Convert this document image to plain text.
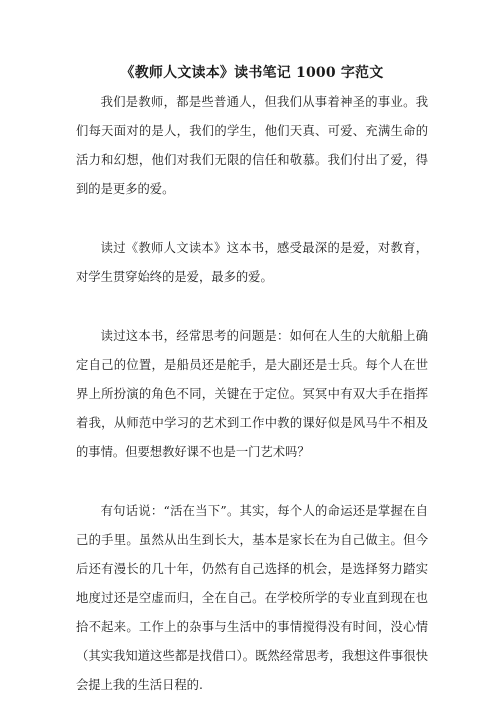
《教师人文读本》读书笔记 1000 字范文

我们是教师，都是些普通人，但我们从事着神圣的事业。我们每天面对的是人，我们的学生，他们天真、可爱、充满生命的活力和幻想，他们对我们无限的信任和敬慕。我们付出了爱，得到的是更多的爱。

读过《教师人文读本》这本书，感受最深的是爱，对教育，对学生贯穿始终的是爱，最多的爱。

读过这本书，经常思考的问题是：如何在人生的大航船上确定自己的位置，是船员还是舵手，是大副还是士兵。每个人在世界上所扮演的角色不同，关键在于定位。冥冥中有双大手在指挥着我，从师范中学习的艺术到工作中教的课好似是风马牛不相及的事情。但要想教好课不也是一门艺术吗？

有句话说：“活在当下”。其实，每个人的命运还是掌握在自己的手里。虽然从出生到长大，基本是家长在为自己做主。但今后还有漫长的几十年，仍然有自己选择的机会，是选择努力踏实地度过还是空虚而归，全在自己。在学校所学的专业直到现在也拾不起来。工作上的杂事与生活中的事情搅得没有时间，没心情（其实我知道这些都是找借口）。既然经常思考，我想这件事很快会提上我的生活日程的.
